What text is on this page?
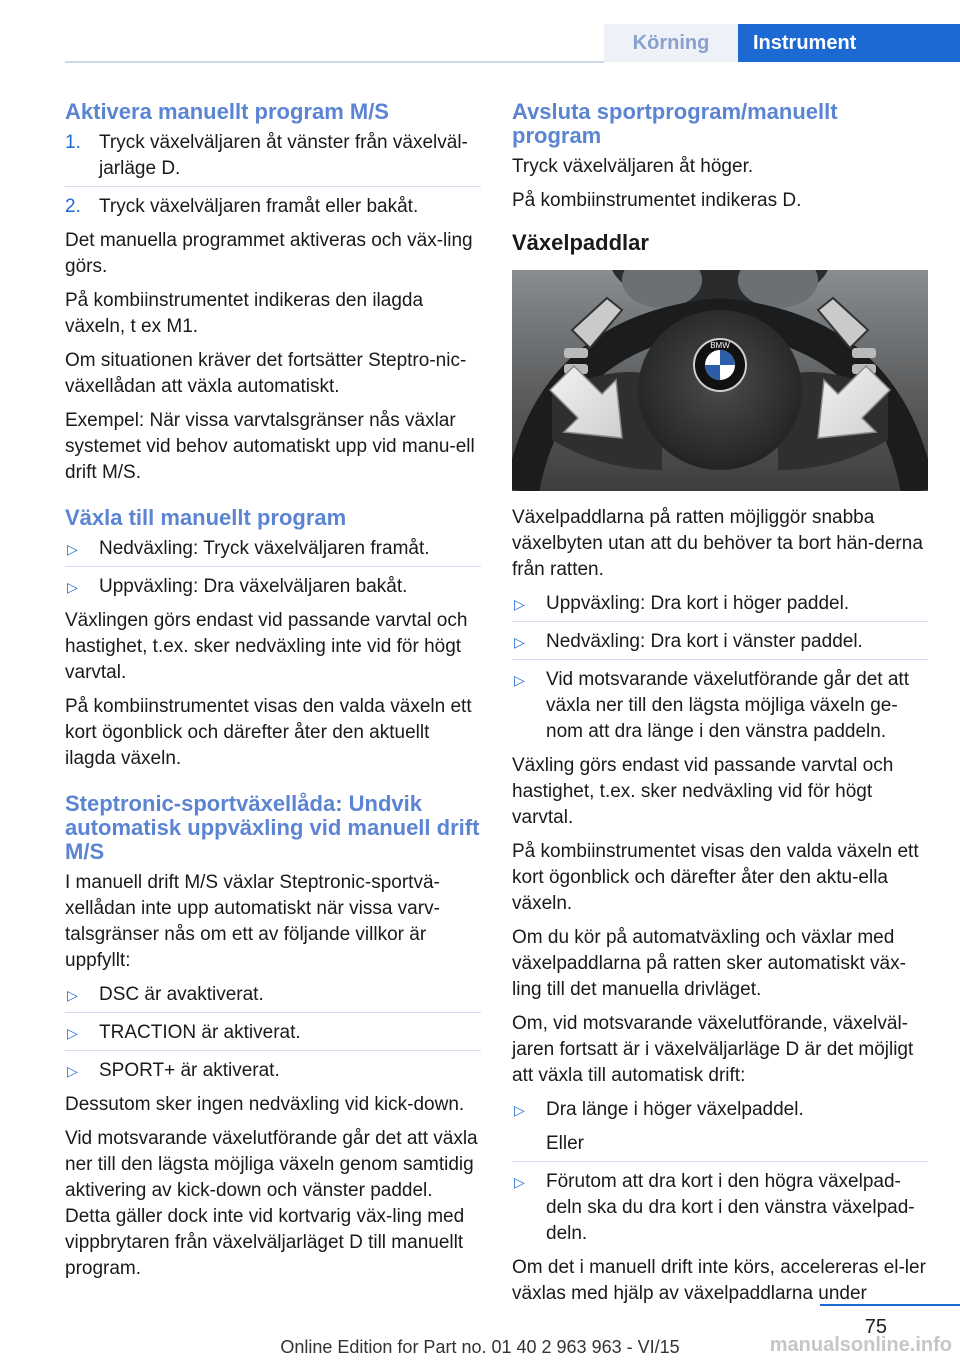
Körning	Instrument
Aktivera manuellt program M/S
1. Tryck växelväljaren åt vänster från växelväl-jarläge D.
2. Tryck växelväljaren framåt eller bakåt.

Det manuella programmet aktiveras och väx-ling görs.

På kombiinstrumentet indikeras den ilagda växeln, t ex M1.

Om situationen kräver det fortsätter Steptro-nic-växellådan att växla automatiskt.

Exempel: När vissa varvtalsgränser nås växlar systemet vid behov automatiskt upp vid manu-ell drift M/S.

Växla till manuellt program
▷ Nedväxling: Tryck växelväljaren framåt.
▷ Uppväxling: Dra växelväljaren bakåt.

Växlingen görs endast vid passande varvtal och hastighet, t.ex. sker nedväxling inte vid för högt varvtal.

På kombiinstrumentet visas den valda växeln ett kort ögonblick och därefter åter den aktuellt ilagda växeln.

Steptronic-sportväxellåda: Undvik automatisk uppväxling vid manuell drift M/S

I manuell drift M/S växlar Steptronic-sportvä-xellådan inte upp automatiskt när vissa varv-talsgränser nås om ett av följande villkor är uppfyllt:

▷ DSC är avaktiverat.
▷ TRACTION är aktiverat.
▷ SPORT+ är aktiverat.

Dessutom sker ingen nedväxling vid kick-down.

Vid motsvarande växelutförande går det att växla ner till den lägsta möjliga växeln genom samtidig aktivering av kick-down och vänster paddel. Detta gäller dock inte vid kortvarig väx-ling med vippbrytaren från växelväljarläget D till manuellt program.

Avsluta sportprogram/manuellt program

Tryck växelväljaren åt höger.

På kombiinstrumentet indikeras D.

Växelpaddlar
BMW

Växelpaddlarna på ratten möjliggör snabba växelbyten utan att du behöver ta bort hän-derna från ratten.

▷ Uppväxling: Dra kort i höger paddel.
▷ Nedväxling: Dra kort i vänster paddel.
▷ Vid motsvarande växelutförande går det att växla ner till den lägsta möjliga växeln ge-nom att dra länge i den vänstra paddeln.

Växling görs endast vid passande varvtal och hastighet, t.ex. sker nedväxling vid för högt varvtal.

På kombiinstrumentet visas den valda växeln ett kort ögonblick och därefter åter den aktu-ella växeln.

Om du kör på automatväxling och växlar med växelpaddlarna på ratten sker automatiskt väx-ling till det manuella drivläget.

Om, vid motsvarande växelutförande, växelväl-jaren fortsatt är i växelväljarläge D är det möjligt att växla till automatisk drift:

▷ Dra länge i höger växelpaddel.
Eller
▷ Förutom att dra kort i den högra växelpad-deln ska du dra kort i den vänstra växelpad-deln.

Om det i manuell drift inte körs, accelereras el-ler växlas med hjälp av växelpaddlarna under

75
Online Edition for Part no. 01 40 2 963 963 - VI/15	manualsonline.info
